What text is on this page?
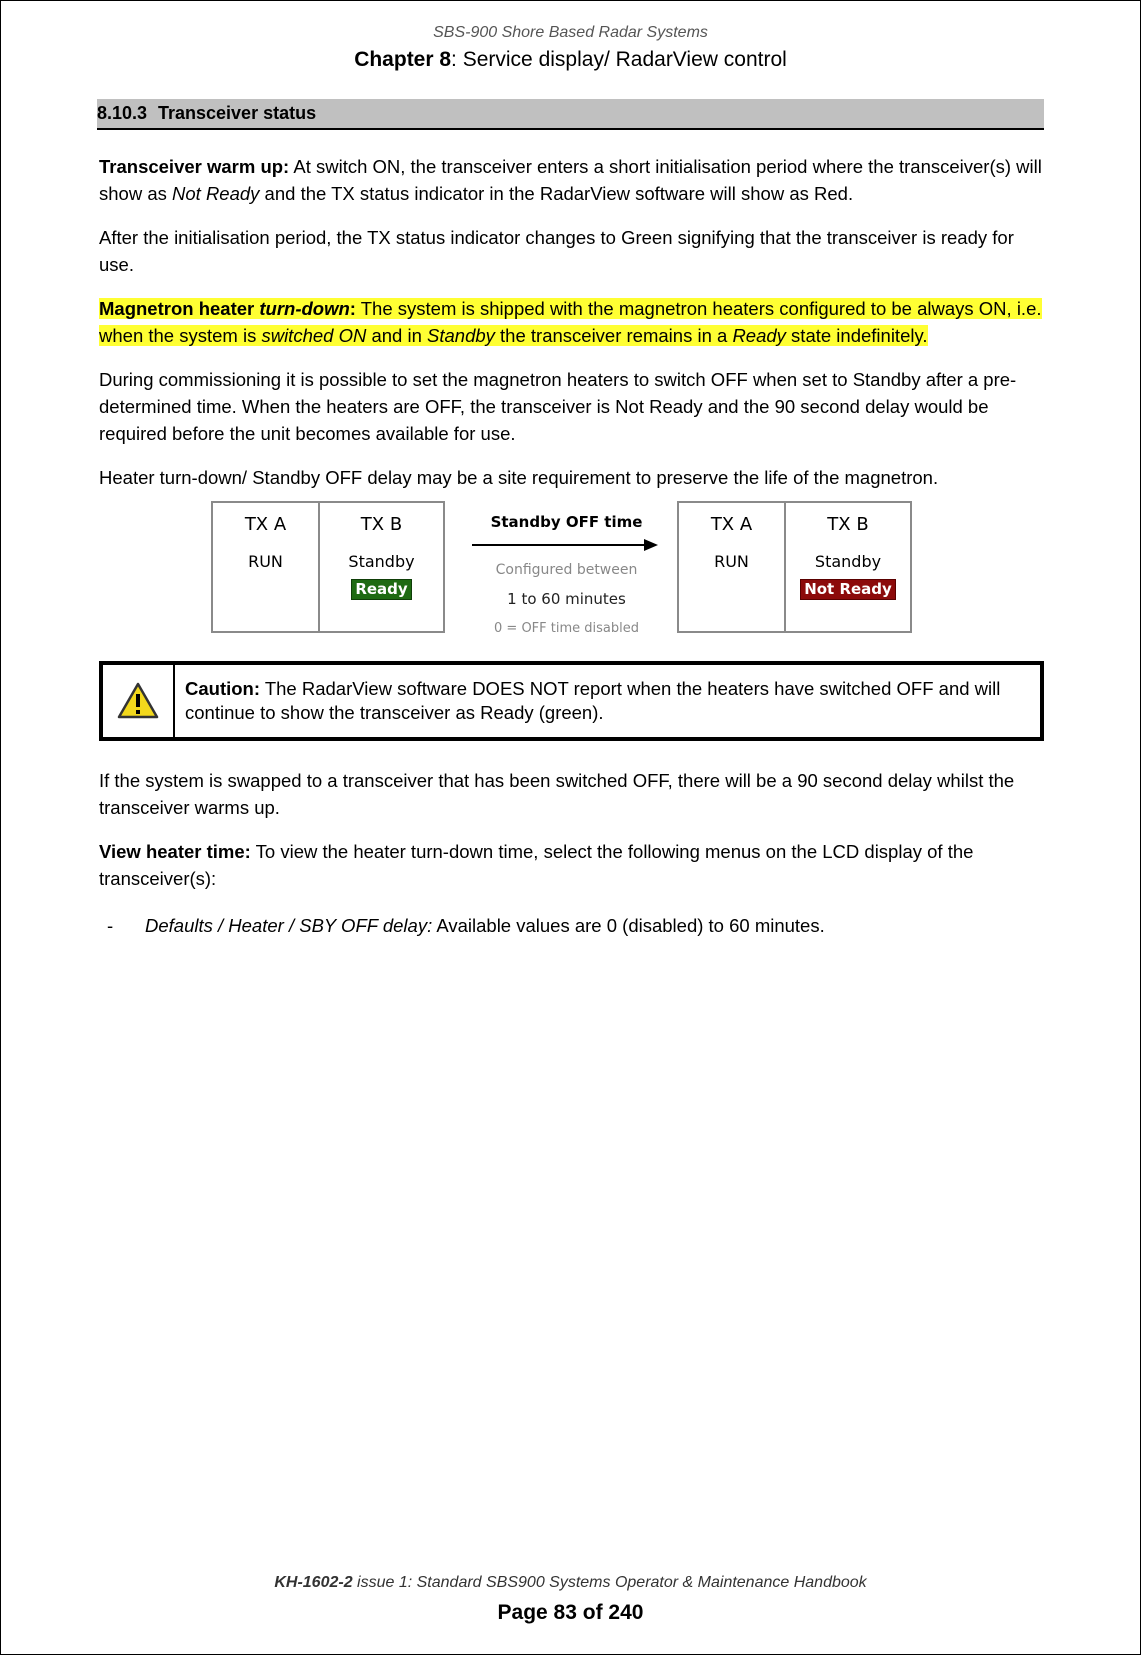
SBS-900 Shore Based Radar Systems
Chapter 8: Service display/ RadarView control
8.10.3 Transceiver status

Transceiver warm up: At switch ON, the transceiver enters a short initialisation period where the transceiver(s) will show as Not Ready and the TX status indicator in the RadarView software will show as Red.

After the initialisation period, the TX status indicator changes to Green signifying that the transceiver is ready for use.

Magnetron heater turn-down: The system is shipped with the magnetron heaters configured to be always ON, i.e. when the system is switched ON and in Standby the transceiver remains in a Ready state indefinitely.

During commissioning it is possible to set the magnetron heaters to switch OFF when set to Standby after a pre-determined time. When the heaters are OFF, the transceiver is Not Ready and the 90 second delay would be required before the unit becomes available for use.

Heater turn-down/ Standby OFF delay may be a site requirement to preserve the life of the magnetron.

TX A
RUN
TX B
Standby
Ready
Standby OFF time
Configured between
1 to 60 minutes
0 = OFF time disabled
TX A
RUN
TX B
Standby
Not Ready
Caution: The RadarView software DOES NOT report when the heaters have switched OFF and will continue to show the transceiver as Ready (green).

If the system is swapped to a transceiver that has been switched OFF, there will be a 90 second delay whilst the transceiver warms up.

View heater time: To view the heater turn-down time, select the following menus on the LCD display of the transceiver(s):

- Defaults / Heater / SBY OFF delay: Available values are 0 (disabled) to 60 minutes.
KH-1602-2 issue 1: Standard SBS900 Systems Operator & Maintenance Handbook
Page 83 of 240
